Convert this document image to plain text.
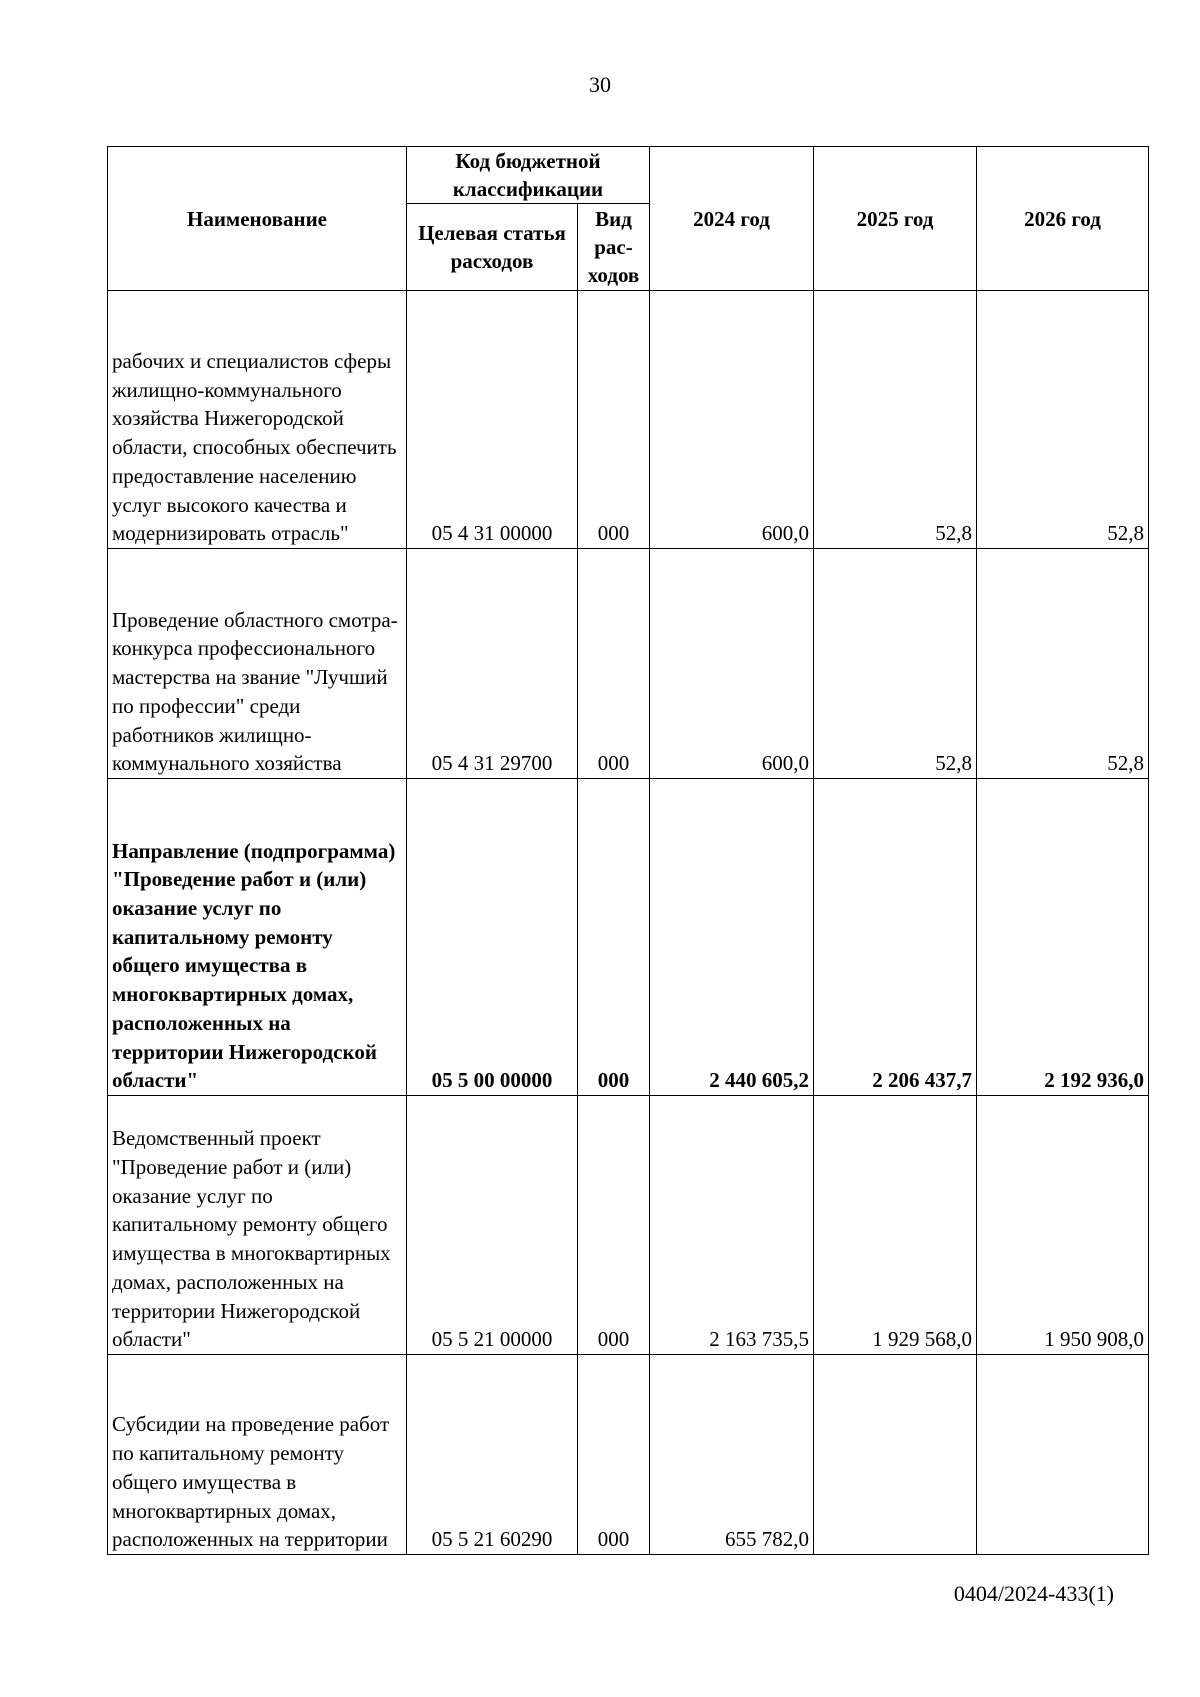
30
Наименование	Код бюджетной классификации		2024 год	2025 год	2026 год
	Целевая статья расходов	Вид рас-ходов			
рабочих и специалистов сферы жилищно-коммунального хозяйства Нижегородской области, способных обеспечить предоставление населению услуг высокого качества и модернизировать отрасль"	05 4 31 00000	000	600,0	52,8	52,8
Проведение областного смотра-конкурса профессионального мастерства на звание "Лучший по профессии" среди работников жилищно-коммунального хозяйства	05 4 31 29700	000	600,0	52,8	52,8
Направление (подпрограмма) "Проведение работ и (или) оказание услуг по капитальному ремонту общего имущества в многоквартирных домах, расположенных на территории Нижегородской области"	05 5 00 00000	000	2 440 605,2	2 206 437,7	2 192 936,0
Ведомственный проект "Проведение работ и (или) оказание услуг по капитальному ремонту общего имущества в многоквартирных домах, расположенных на территории Нижегородской области"	05 5 21 00000	000	2 163 735,5	1 929 568,0	1 950 908,0
Субсидии на проведение работ по капитальному ремонту общего имущества в многоквартирных домах, расположенных на территории	05 5 21 60290	000	655 782,0		
0404/2024-433(1)
